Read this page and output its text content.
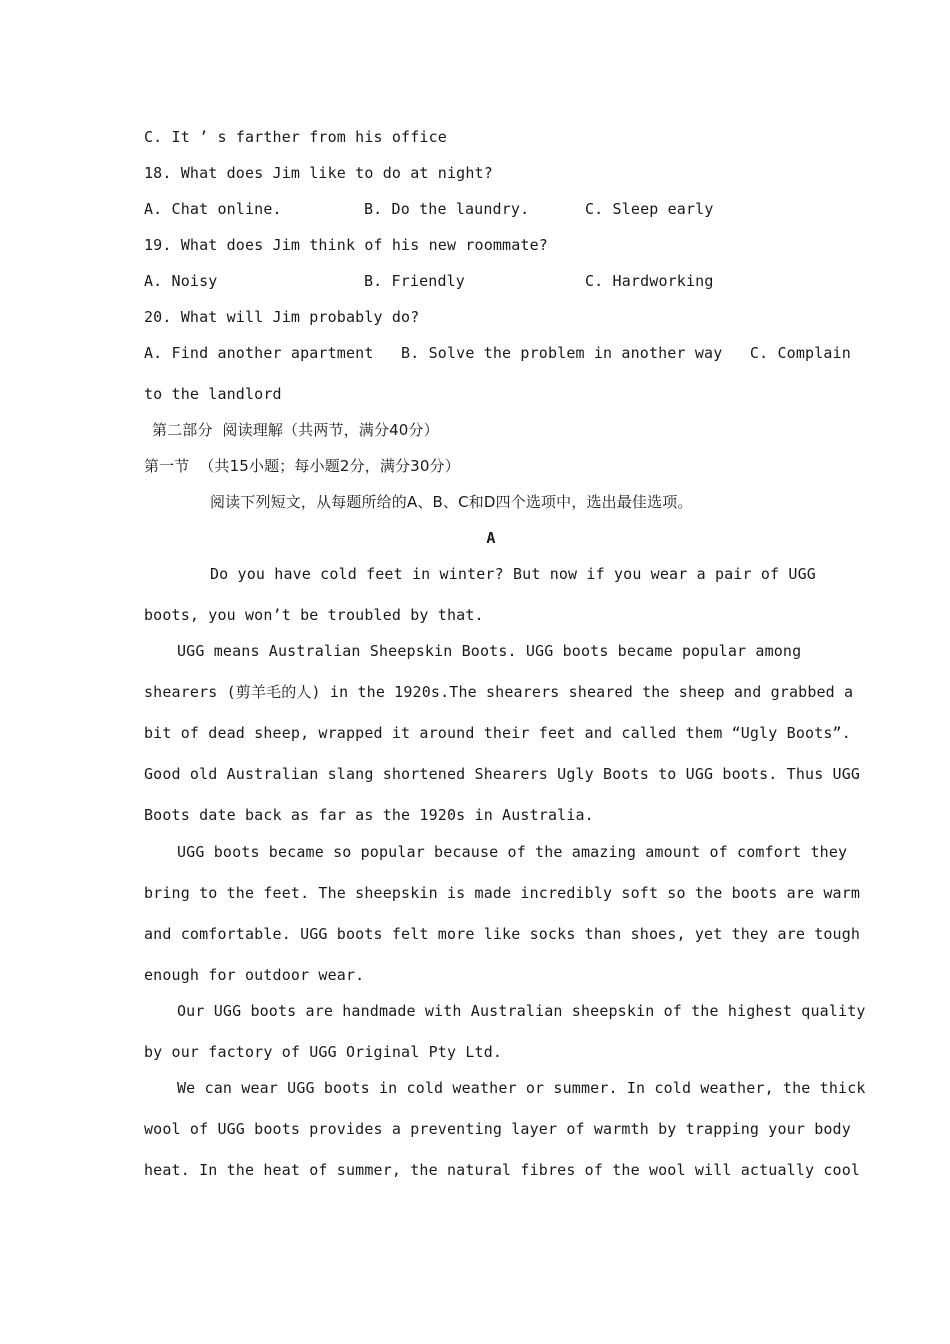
C. It ’ s farther from his office
18. What does Jim like to do at night?
A. Chat online.	B. Do the laundry.	C. Sleep early
19. What does Jim think of his new roommate?
A. Noisy	B. Friendly	C. Hardworking
20. What will Jim probably do?
A. Find another apartment   B. Solve the problem in another way   C. Complain
to the landlord
第二部分  阅读理解（共两节，满分40分）
第一节  （共15小题；每小题2分，满分30分）
阅读下列短文，从每题所给的A、B、C和D四个选项中，选出最佳选项。
A
Do you have cold feet in winter? But now if you wear a pair of UGG
boots, you won’t be troubled by that.
UGG means Australian Sheepskin Boots. UGG boots became popular among
shearers (剪羊毛的人) in the 1920s.The shearers sheared the sheep and grabbed a
bit of dead sheep, wrapped it around their feet and called them “Ugly Boots”.
Good old Australian slang shortened Shearers Ugly Boots to UGG boots. Thus UGG
Boots date back as far as the 1920s in Australia.
UGG boots became so popular because of the amazing amount of comfort they
bring to the feet. The sheepskin is made incredibly soft so the boots are warm
and comfortable. UGG boots felt more like socks than shoes, yet they are tough
enough for outdoor wear.
Our UGG boots are handmade with Australian sheepskin of the highest quality
by our factory of UGG Original Pty Ltd.
We can wear UGG boots in cold weather or summer. In cold weather, the thick
wool of UGG boots provides a preventing layer of warmth by trapping your body
heat. In the heat of summer, the natural fibres of the wool will actually cool
